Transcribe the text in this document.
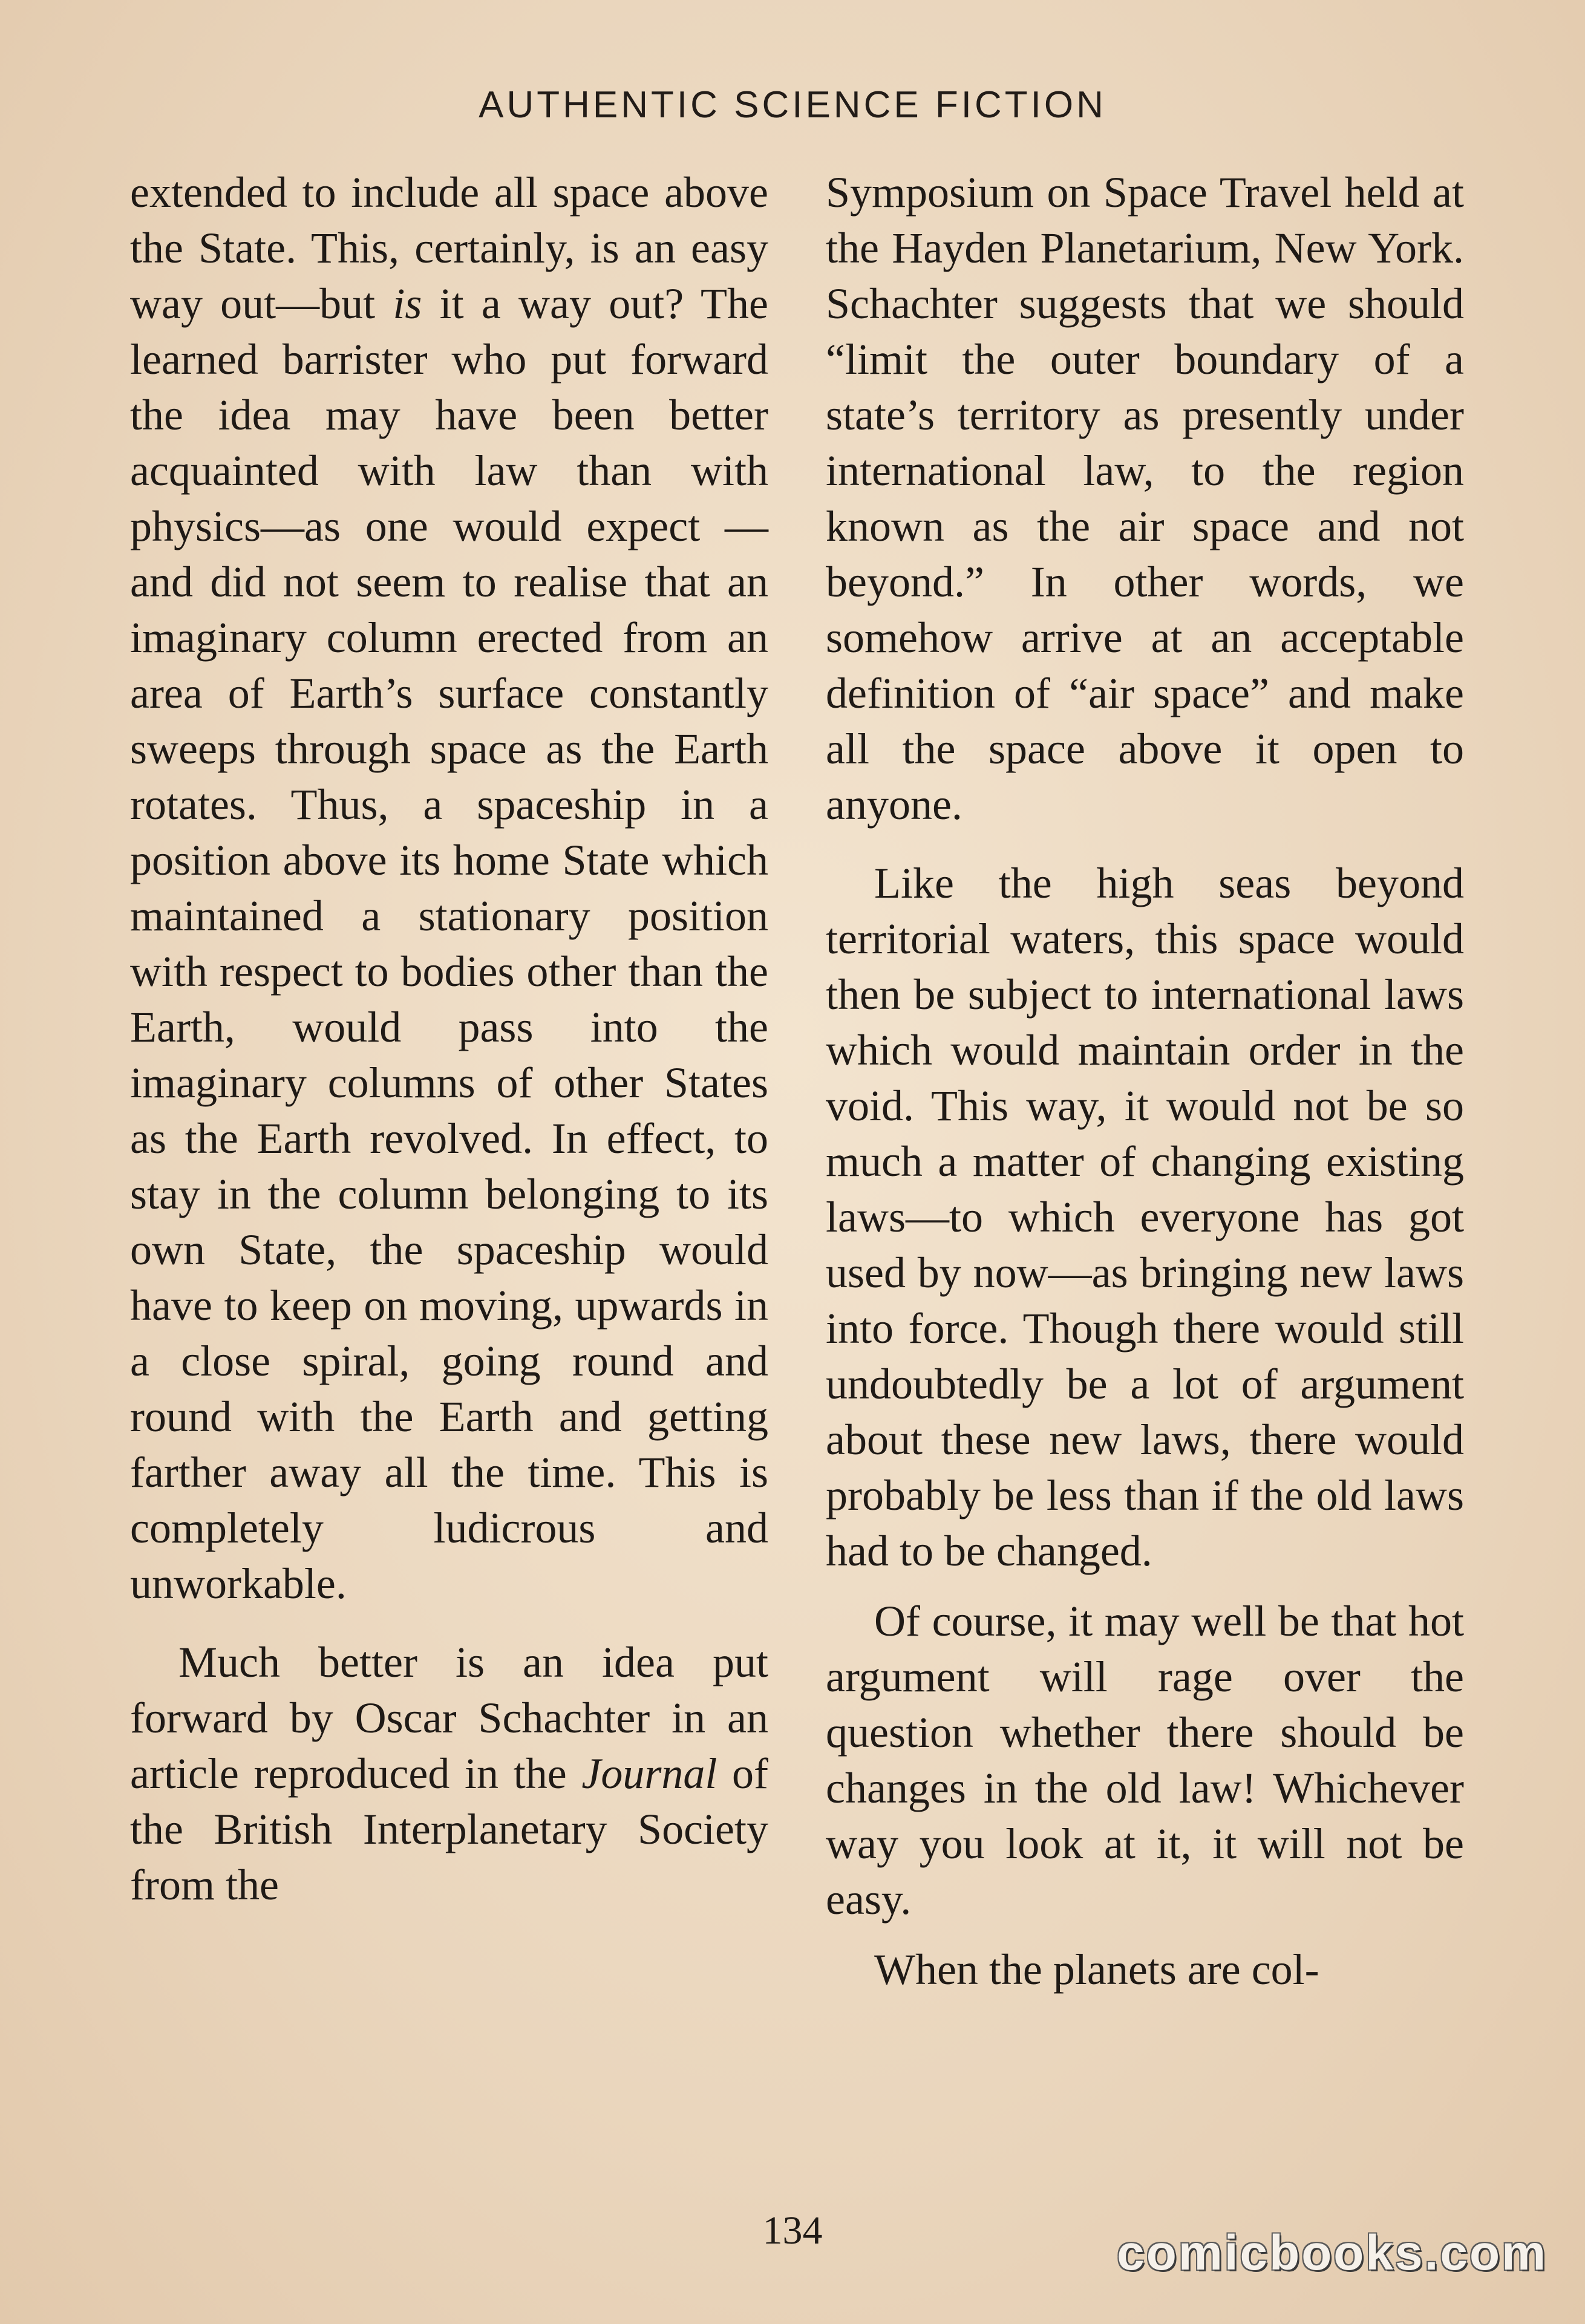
AUTHENTIC SCIENCE FICTION

extended to include all space above the State. This, certainly, is an easy way out—but is it a way out? The learned barrister who put forward the idea may have been better acquainted with law than with physics—as one would expect —and did not seem to realise that an imaginary column erected from an area of Earth’s surface constantly sweeps through space as the Earth rotates. Thus, a spaceship in a position above its home State which maintained a stationary position with respect to bodies other than the Earth, would pass into the imaginary columns of other States as the Earth revolved. In effect, to stay in the column belonging to its own State, the spaceship would have to keep on moving, upwards in a close spiral, going round and round with the Earth and getting farther away all the time. This is completely ludicrous and unworkable.

Much better is an idea put forward by Oscar Schachter in an article reproduced in the Journal of the British Interplanetary Society from the

Symposium on Space Travel held at the Hayden Planetarium, New York. Schachter suggests that we should “limit the outer boundary of a state’s territory as presently under international law, to the region known as the air space and not beyond.” In other words, we somehow arrive at an acceptable definition of “air space” and make all the space above it open to anyone.

Like the high seas beyond territorial waters, this space would then be subject to international laws which would maintain order in the void. This way, it would not be so much a matter of changing existing laws—to which everyone has got used by now—as bringing new laws into force. Though there would still undoubtedly be a lot of argument about these new laws, there would probably be less than if the old laws had to be changed.

Of course, it may well be that hot argument will rage over the question whether there should be changes in the old law! Whichever way you look at it, it will not be easy.

When the planets are col-

134	comicbooks.com
